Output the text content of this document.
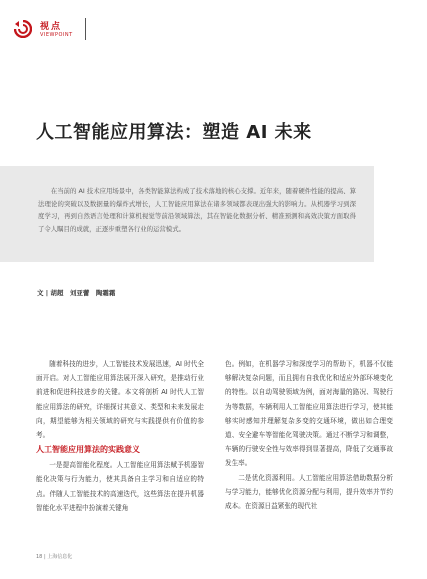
视点
VIEWPOINT
人工智能应用算法：塑造 AI 未来
在当前的 AI 技术应用场景中，各类智能算法构成了技术落地的核心支撑。近年来，随着硬件性能的提高、算法理论的突破以及数据量的爆炸式增长，人工智能应用算法在诸多领域都表现出强大的影响力。从机器学习到深度学习，再到自然语言处理和计算机视觉等前沿领域算法，其在智能化数据分析、精准预测和高效决策方面取得了令人瞩目的成就，正逐步重塑各行业的运营模式。
文 | 胡超　刘亚蕾　陶霜霜

随着科技的进步，人工智能技术发展迅速，AI 时代全面开启。对人工智能应用算法展开深入研究，是推动行业前进和促进科技进步的关键。本文将剖析 AI 时代人工智能应用算法的研究，详细探讨其意义、类型和未来发展走向，期望能够为相关领域的研究与实践提供有价值的参考。

人工智能应用算法的实践意义

一是提高智能化程度。人工智能应用算法赋予机器智能化决策与行为能力，使其具备自主学习和自适应的特点。伴随人工智能技术的高速迭代，这些算法在提升机器智能化水平进程中扮演着关键角

色。例如，在机器学习和深度学习的帮助下，机器不仅能够解决复杂问题，而且拥有自我优化和适应外部环境变化的特性。以自动驾驶领域为例，面对海量的路况、驾驶行为等数据，车辆利用人工智能应用算法进行学习，使其能够实时感知并理解复杂多变的交通环境，做出如合理变道、安全避车等智能化驾驶决策。通过不断学习和调整，车辆的行驶安全性与效率得到显著提高，降低了交通事故发生率。

二是优化资源利用。人工智能应用算法借助数据分析与学习能力，能够优化资源分配与利用，提升效率并节约成本。在资源日益紧张的现代社

18 | 上海信息化
